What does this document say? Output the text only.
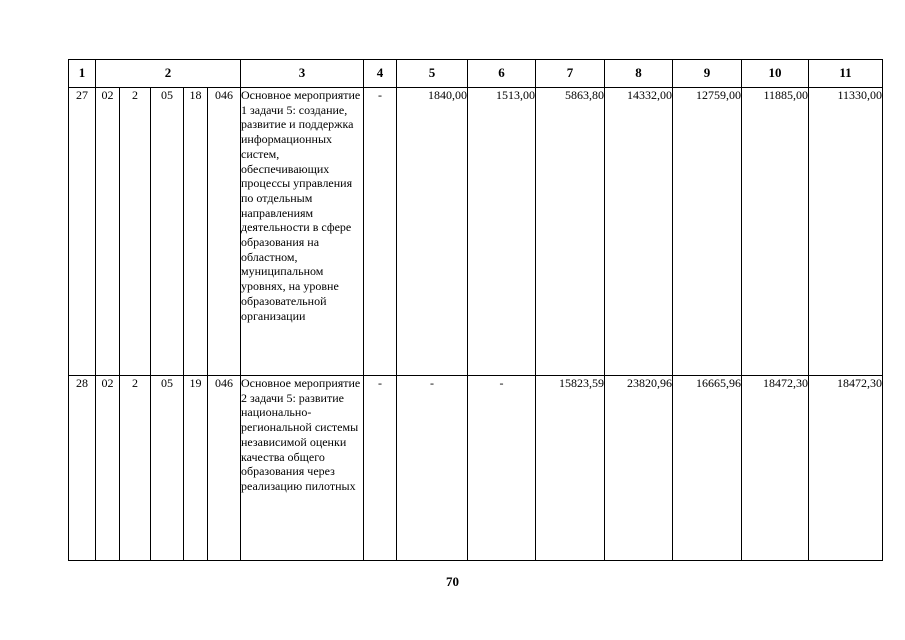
1	2					3	4	5	6	7	8	9	10	11
27	02	2	05	18	046	Основное мероприятие 1 задачи 5: создание, развитие и поддержка информационных систем, обеспечивающих процессы управления по отдельным направлениям деятельности в сфере образования на областном, муниципальном уровнях, на уровне образовательной организации	-	1840,00	1513,00	5863,80	14332,00	12759,00	11885,00	11330,00
28	02	2	05	19	046	Основное мероприятие 2 задачи 5: развитие национально-региональной системы независимой оценки качества общего образования через реализацию пилотных	-	-	-	15823,59	23820,96	16665,96	18472,30	18472,30
70
